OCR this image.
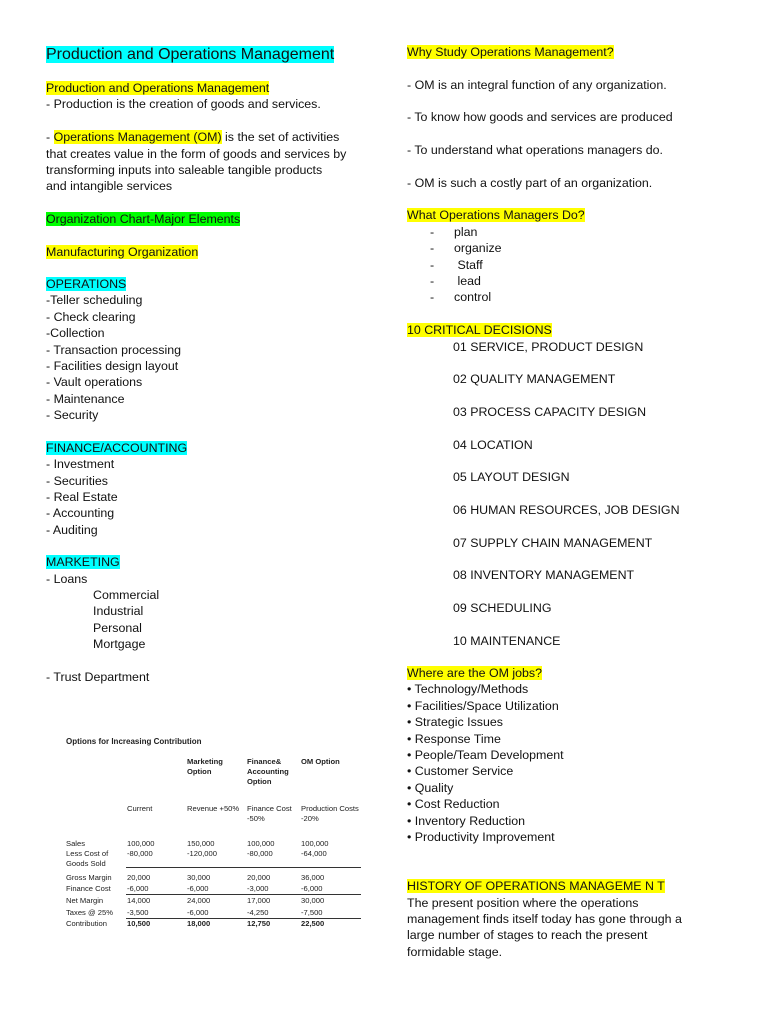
Production and Operations Management
Production and Operations Management
- Production is the creation of goods and services.
- Operations Management (OM) is the set of activities
that creates value in the form of goods and services by
transforming inputs into saleable tangible products
and intangible services
Organization Chart-Major Elements
Manufacturing Organization
OPERATIONS
-Teller scheduling
- Check clearing
-Collection
- Transaction processing
- Facilities design layout
- Vault operations
- Maintenance
- Security
FINANCE/ACCOUNTING
- Investment
- Securities
- Real Estate
- Accounting
- Auditing
MARKETING
- Loans
Commercial
Industrial
Personal
Mortgage
- Trust Department
Options for Increasing Contribution
Marketing
Option
Finance&
Accounting
Option
OM Option
Current	Revenue +50% Finance Cost
-50%
Production Costs
-20%
Sales
Less Cost of
Goods Sold
Gross Margin
Finance Cost
Net Margin
Taxes @ 25%
Contribution
100,000
-80,000
20,000
-6,000
14,000
-3,500
10,500
150,000
-120,000
30,000
-6,000
24,000
-6,000
18,000
100,000
-80,000
20,000
-3,000
17,000
-4,250
12,750
100,000
-64,000
36,000
-6,000
30,000
-7,500
22,500
Why Study Operations Management?
- OM is an integral function of any organization.
- To know how goods and services are produced
- To understand what operations managers do.
- OM is such a costly part of an organization.
What Operations Managers Do?
- plan
- organize
- Staff
- lead
- control
10 CRITICAL DECISIONS
01 SERVICE, PRODUCT DESIGN
02 QUALITY MANAGEMENT
03 PROCESS CAPACITY DESIGN
04 LOCATION
05 LAYOUT DESIGN
06 HUMAN RESOURCES, JOB DESIGN
07 SUPPLY CHAIN MANAGEMENT
08 INVENTORY MANAGEMENT
09 SCHEDULING
10 MAINTENANCE
Where are the OM jobs?
• Technology/Methods
• Facilities/Space Utilization
• Strategic Issues
• Response Time
• People/Team Development
• Customer Service
• Quality
• Cost Reduction
• Inventory Reduction
• Productivity Improvement
HISTORY OF OPERATIONS MANAGEME N T
The present position where the operations
management finds itself today has gone through a
large number of stages to reach the present
formidable stage.
